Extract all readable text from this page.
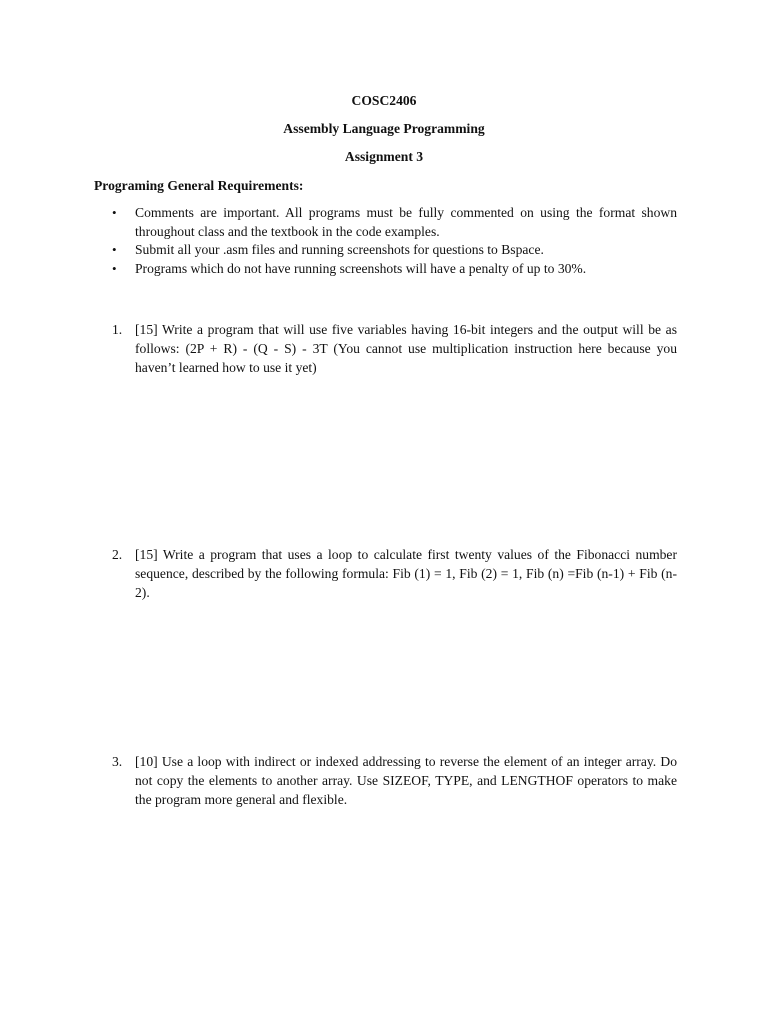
COSC2406
Assembly Language Programming
Assignment 3
Programing General Requirements:
• Comments are important. All programs must be fully commented on using the format shown throughout class and the textbook in the code examples.
• Submit all your .asm files and running screenshots for questions to Bspace.
• Programs which do not have running screenshots will have a penalty of up to 30%.
1. [15] Write a program that will use five variables having 16-bit integers and the output will be as follows: (2P + R) - (Q - S) - 3T (You cannot use multiplication instruction here because you haven’t learned how to use it yet)
2. [15] Write a program that uses a loop to calculate first twenty values of the Fibonacci number sequence, described by the following formula: Fib (1) = 1, Fib (2) = 1, Fib (n) =Fib (n-1) + Fib (n-2).
3. [10] Use a loop with indirect or indexed addressing to reverse the element of an integer array. Do not copy the elements to another array. Use SIZEOF, TYPE, and LENGTHOF operators to make the program more general and flexible.
